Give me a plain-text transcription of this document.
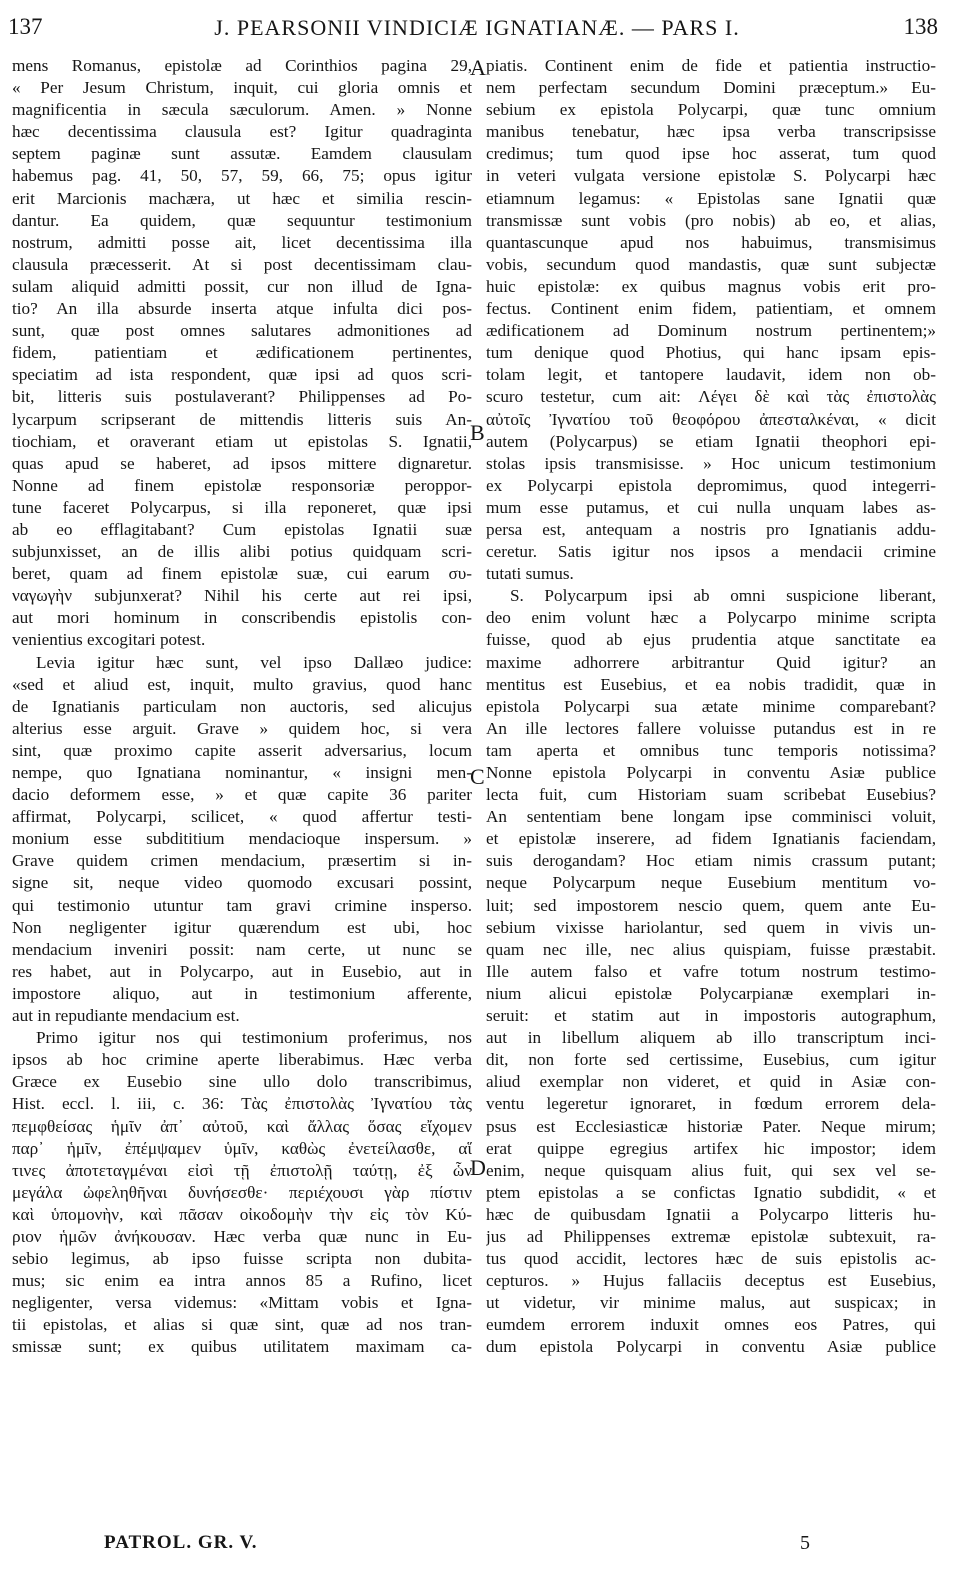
137	J. PEARSONII VINDICIÆ IGNATIANÆ. — PARS I.	138
mens Romanus, epistolæ ad Corinthios pagina 29,
« Per Jesum Christum, inquit, cui gloria omnis et
magnificentia in sæcula sæculorum. Amen. » Nonne
hæc decentissima clausula est? Igitur quadraginta
septem paginæ sunt assutæ. Eamdem clausulam
habemus pag. 41, 50, 57, 59, 66, 75; opus igitur
erit Marcionis machæra, ut hæc et similia rescin-
dantur. Ea quidem, quæ sequuntur testimonium
nostrum, admitti posse ait, licet decentissima illa
clausula præcesserit. At si post decentissimam clau-
sulam aliquid admitti possit, cur non illud de Igna-
tio? An illa absurde inserta atque infulta dici pos-
sunt, quæ post omnes salutares admonitiones ad
fidem, patientiam et ædificationem pertinentes,
speciatim ad ista respondent, quæ ipsi ad quos scri-
bit, litteris suis postulaverant? Philippenses ad Po-
lycarpum scripserant de mittendis litteris suis An-
tiochiam, et oraverant etiam ut epistolas S. Ignatii,
quas apud se haberet, ad ipsos mittere dignaretur.
Nonne ad finem epistolæ responsoriæ peroppor-
tune faceret Polycarpus, si illa reponeret, quæ ipsi
ab eo efflagitabant? Cum epistolas Ignatii suæ
subjunxisset, an de illis alibi potius quidquam scri-
beret, quam ad finem epistolæ suæ, cui earum συ-
ναγωγὴν subjunxerat? Nihil his certe aut rei ipsi,
aut mori hominum in conscribendis epistolis con-
venientius excogitari potest.
Levia igitur hæc sunt, vel ipso Dallæo judice:
«sed et aliud est, inquit, multo gravius, quod hanc
de Ignatianis particulam non auctoris, sed alicujus
alterius esse arguit. Grave » quidem hoc, si vera
sint, quæ proximo capite asserit adversarius, locum
nempe, quo Ignatiana nominantur, « insigni men-
dacio deformem esse, » et quæ capite 36 pariter
affirmat, Polycarpi, scilicet, « quod affertur testi-
monium esse subdititium mendacioque inspersum. »
Grave quidem crimen mendacium, præsertim si in-
signe sit, neque video quomodo excusari possint,
qui testimonio utuntur tam gravi crimine insperso.
Non negligenter igitur quærendum est ubi, hoc
mendacium inveniri possit: nam certe, ut nunc se
res habet, aut in Polycarpo, aut in Eusebio, aut in
impostore aliquo, aut in testimonium afferente,
aut in repudiante mendacium est.
Primo igitur nos qui testimonium proferimus, nos
ipsos ab hoc crimine aperte liberabimus. Hæc verba
Græce ex Eusebio sine ullo dolo transcribimus,
Hist. eccl. l. iii, c. 36: Τὰς ἐπιστολὰς Ἰγνατίου τὰς
πεμφθείσας ἡμῖν ἀπ᾽ αὐτοῦ, καὶ ἄλλας ὅσας εἴχομεν
παρ᾽ ἡμῖν, ἐπέμψαμεν ὑμῖν, καθὼς ἐνετείλασθε, αἵ
τινες ἀποτεταγμέναι εἰσὶ τῇ ἐπιστολῇ ταύτῃ, ἐξ ὧν
μεγάλα ὠφεληθῆναι δυνήσεσθε· περιέχουσι γὰρ πίστιν
καὶ ὑπομονὴν, καὶ πᾶσαν οἰκοδομὴν τὴν εἰς τὸν Κύ-
ριον ἡμῶν ἀνήκουσαν. Hæc verba quæ nunc in Eu-
sebio legimus, ab ipso fuisse scripta non dubita-
mus; sic enim ea intra annos 85 a Rufino, licet
negligenter, versa videmus: «Mittam vobis et Igna-
tii epistolas, et alias si quæ sint, quæ ad nos tran-
smissæ sunt; ex quibus utilitatem maximam ca-
piatis. Continent enim de fide et patientia instructio-
nem perfectam secundum Domini præceptum.» Eu-
sebium ex epistola Polycarpi, quæ tunc omnium
manibus tenebatur, hæc ipsa verba transcripsisse
credimus; tum quod ipse hoc asserat, tum quod
in veteri vulgata versione epistolæ S. Polycarpi hæc
etiamnum legamus: « Epistolas sane Ignatii quæ
transmissæ sunt vobis (pro nobis) ab eo, et alias,
quantascunque apud nos habuimus, transmisimus
vobis, secundum quod mandastis, quæ sunt subjectæ
huic epistolæ: ex quibus magnus vobis erit pro-
fectus. Continent enim fidem, patientiam, et omnem
ædificationem ad Dominum nostrum pertinentem;»
tum denique quod Photius, qui hanc ipsam epis-
tolam legit, et tantopere laudavit, idem non ob-
scuro testetur, cum ait: Λέγει δὲ καὶ τὰς ἐπιστολὰς
αὐτοῖς Ἰγνατίου τοῦ θεοφόρου ἀπεσταλκέναι, « dicit
autem (Polycarpus) se etiam Ignatii theophori epi-
stolas ipsis transmisisse. » Hoc unicum testimonium
ex Polycarpi epistola depromimus, quod integerri-
mum esse putamus, et cui nulla unquam labes as-
persa est, antequam a nostris pro Ignatianis addu-
ceretur. Satis igitur nos ipsos a mendacii crimine
tutati sumus.
S. Polycarpum ipsi ab omni suspicione liberant,
deo enim volunt hæc a Polycarpo minime scripta
fuisse, quod ab ejus prudentia atque sanctitate ea
maxime adhorrere arbitrantur Quid igitur? an
mentitus est Eusebius, et ea nobis tradidit, quæ in
epistola Polycarpi sua ætate minime comparebant?
An ille lectores fallere voluisse putandus est in re
tam aperta et omnibus tunc temporis notissima?
Nonne epistola Polycarpi in conventu Asiæ publice
lecta fuit, cum Historiam suam scribebat Eusebius?
An sententiam bene longam ipse comminisci voluit,
et epistolæ inserere, ad fidem Ignatianis faciendam,
suis derogandam? Hoc etiam nimis crassum putant;
neque Polycarpum neque Eusebium mentitum vo-
luit; sed impostorem nescio quem, quem ante Eu-
sebium vixisse hariolantur, sed quem in vivis un-
quam nec ille, nec alius quispiam, fuisse præstabit.
Ille autem falso et vafre totum nostrum testimo-
nium alicui epistolæ Polycarpianæ exemplari in-
seruit: et statim aut in impostoris autographum,
aut in libellum aliquem ab illo transcriptum inci-
dit, non forte sed certissime, Eusebius, cum igitur
aliud exemplar non videret, et quid in Asiæ con-
ventu legeretur ignoraret, in fœdum errorem dela-
psus est Ecclesiasticæ historiæ Pater. Neque mirum;
erat quippe egregius artifex hic impostor; idem
enim, neque quisquam alius fuit, qui sex vel se-
ptem epistolas a se confictas Ignatio subdidit, « et
hæc de quibusdam Ignatii a Polycarpo litteris hu-
jus ad Philippenses extremæ epistolæ subtexuit, ra-
tus quod accidit, lectores hæc de suis epistolis ac-
cepturos. » Hujus fallaciis deceptus est Eusebius,
ut videtur, vir minime malus, aut suspicax; in
eumdem errorem induxit omnes eos Patres, qui
dum epistola Polycarpi in conventu Asiæ publice
A
B
C
D
PATROL. GR. V.	5
